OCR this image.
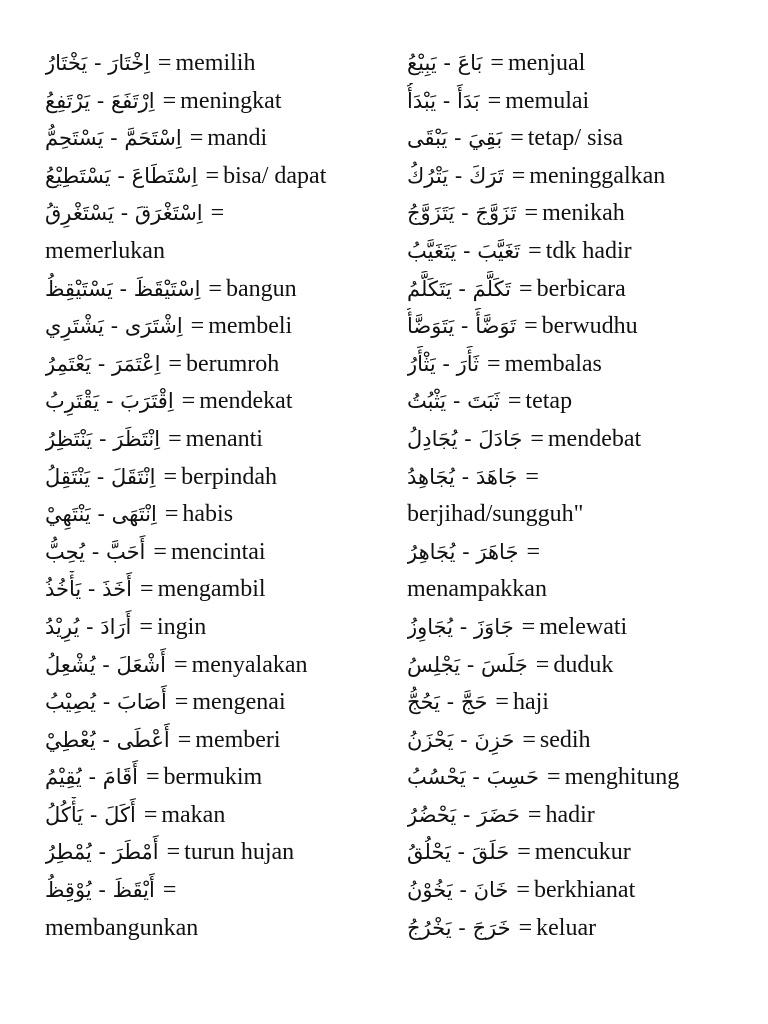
اِخْتَارَ - يَخْتَارُ = memilih
اِرْتَفَعَ - يَرْتَفِعُ = meningkat
اِسْتَحَمَّ - يَسْتَحِمُّ = mandi
اِسْتَطَاعَ - يَسْتَطِيْعُ = bisa/ dapat
اِسْتَغْرَقَ - يَسْتَغْرِقُ =
memerlukan
اِسْتَيْقَظَ - يَسْتَيْقِظُ = bangun
اِشْتَرَى - يَشْتَرِي = membeli
اِعْتَمَرَ - يَعْتَمِرُ = berumroh
اِقْتَرَبَ - يَقْتَرِبُ = mendekat
اِنْتَظَرَ - يَنْتَظِرُ = menanti
اِنْتَقَلَ - يَنْتَقِلُ = berpindah
اِنْتَهَى - يَنْتَهِيْ = habis
أَحَبَّ - يُحِبُّ = mencintai
أَخَذَ - يَأْخُذُ = mengambil
أَرَادَ - يُرِيْدُ = ingin
أَشْعَلَ - يُشْعِلُ = menyalakan
أَصَابَ - يُصِيْبُ = mengenai
أَعْطَى - يُعْطِيْ = memberi
أَقَامَ - يُقِيْمُ = bermukim
أَكَلَ - يَأْكُلُ = makan
أَمْطَرَ - يُمْطِرُ = turun hujan
أَيْقَظَ - يُوْقِظُ =
membangunkan
بَاعَ - يَبِيْعُ = menjual
بَدَأَ - يَبْدَأُ = memulai
بَقِيَ - يَبْقَى = tetap/ sisa
تَرَكَ - يَتْرُكُ = meninggalkan
تَزَوَّجَ - يَتَزَوَّجُ = menikah
تَغَيَّبَ - يَتَغَيَّبُ = tdk hadir
تَكَلَّمَ - يَتَكَلَّمُ = berbicara
تَوَضَّأَ - يَتَوَضَّأُ = berwudhu
ثَأَرَ - يَثْأَرُ = membalas
ثَبَتَ - يَثْبُتُ = tetap
جَادَلَ - يُجَادِلُ = mendebat
جَاهَدَ - يُجَاهِدُ =
berjihad/sungguh"
جَاهَرَ - يُجَاهِرُ =
menampakkan
جَاوَزَ - يُجَاوِزُ = melewati
جَلَسَ - يَجْلِسُ = duduk
حَجَّ - يَحُجُّ = haji
حَزِنَ - يَحْزَنُ = sedih
حَسِبَ - يَحْسُبُ = menghitung
حَضَرَ - يَحْضُرُ = hadir
حَلَقَ - يَحْلُقُ = mencukur
خَانَ - يَخُوْنُ = berkhianat
خَرَجَ - يَخْرُجُ = keluar
